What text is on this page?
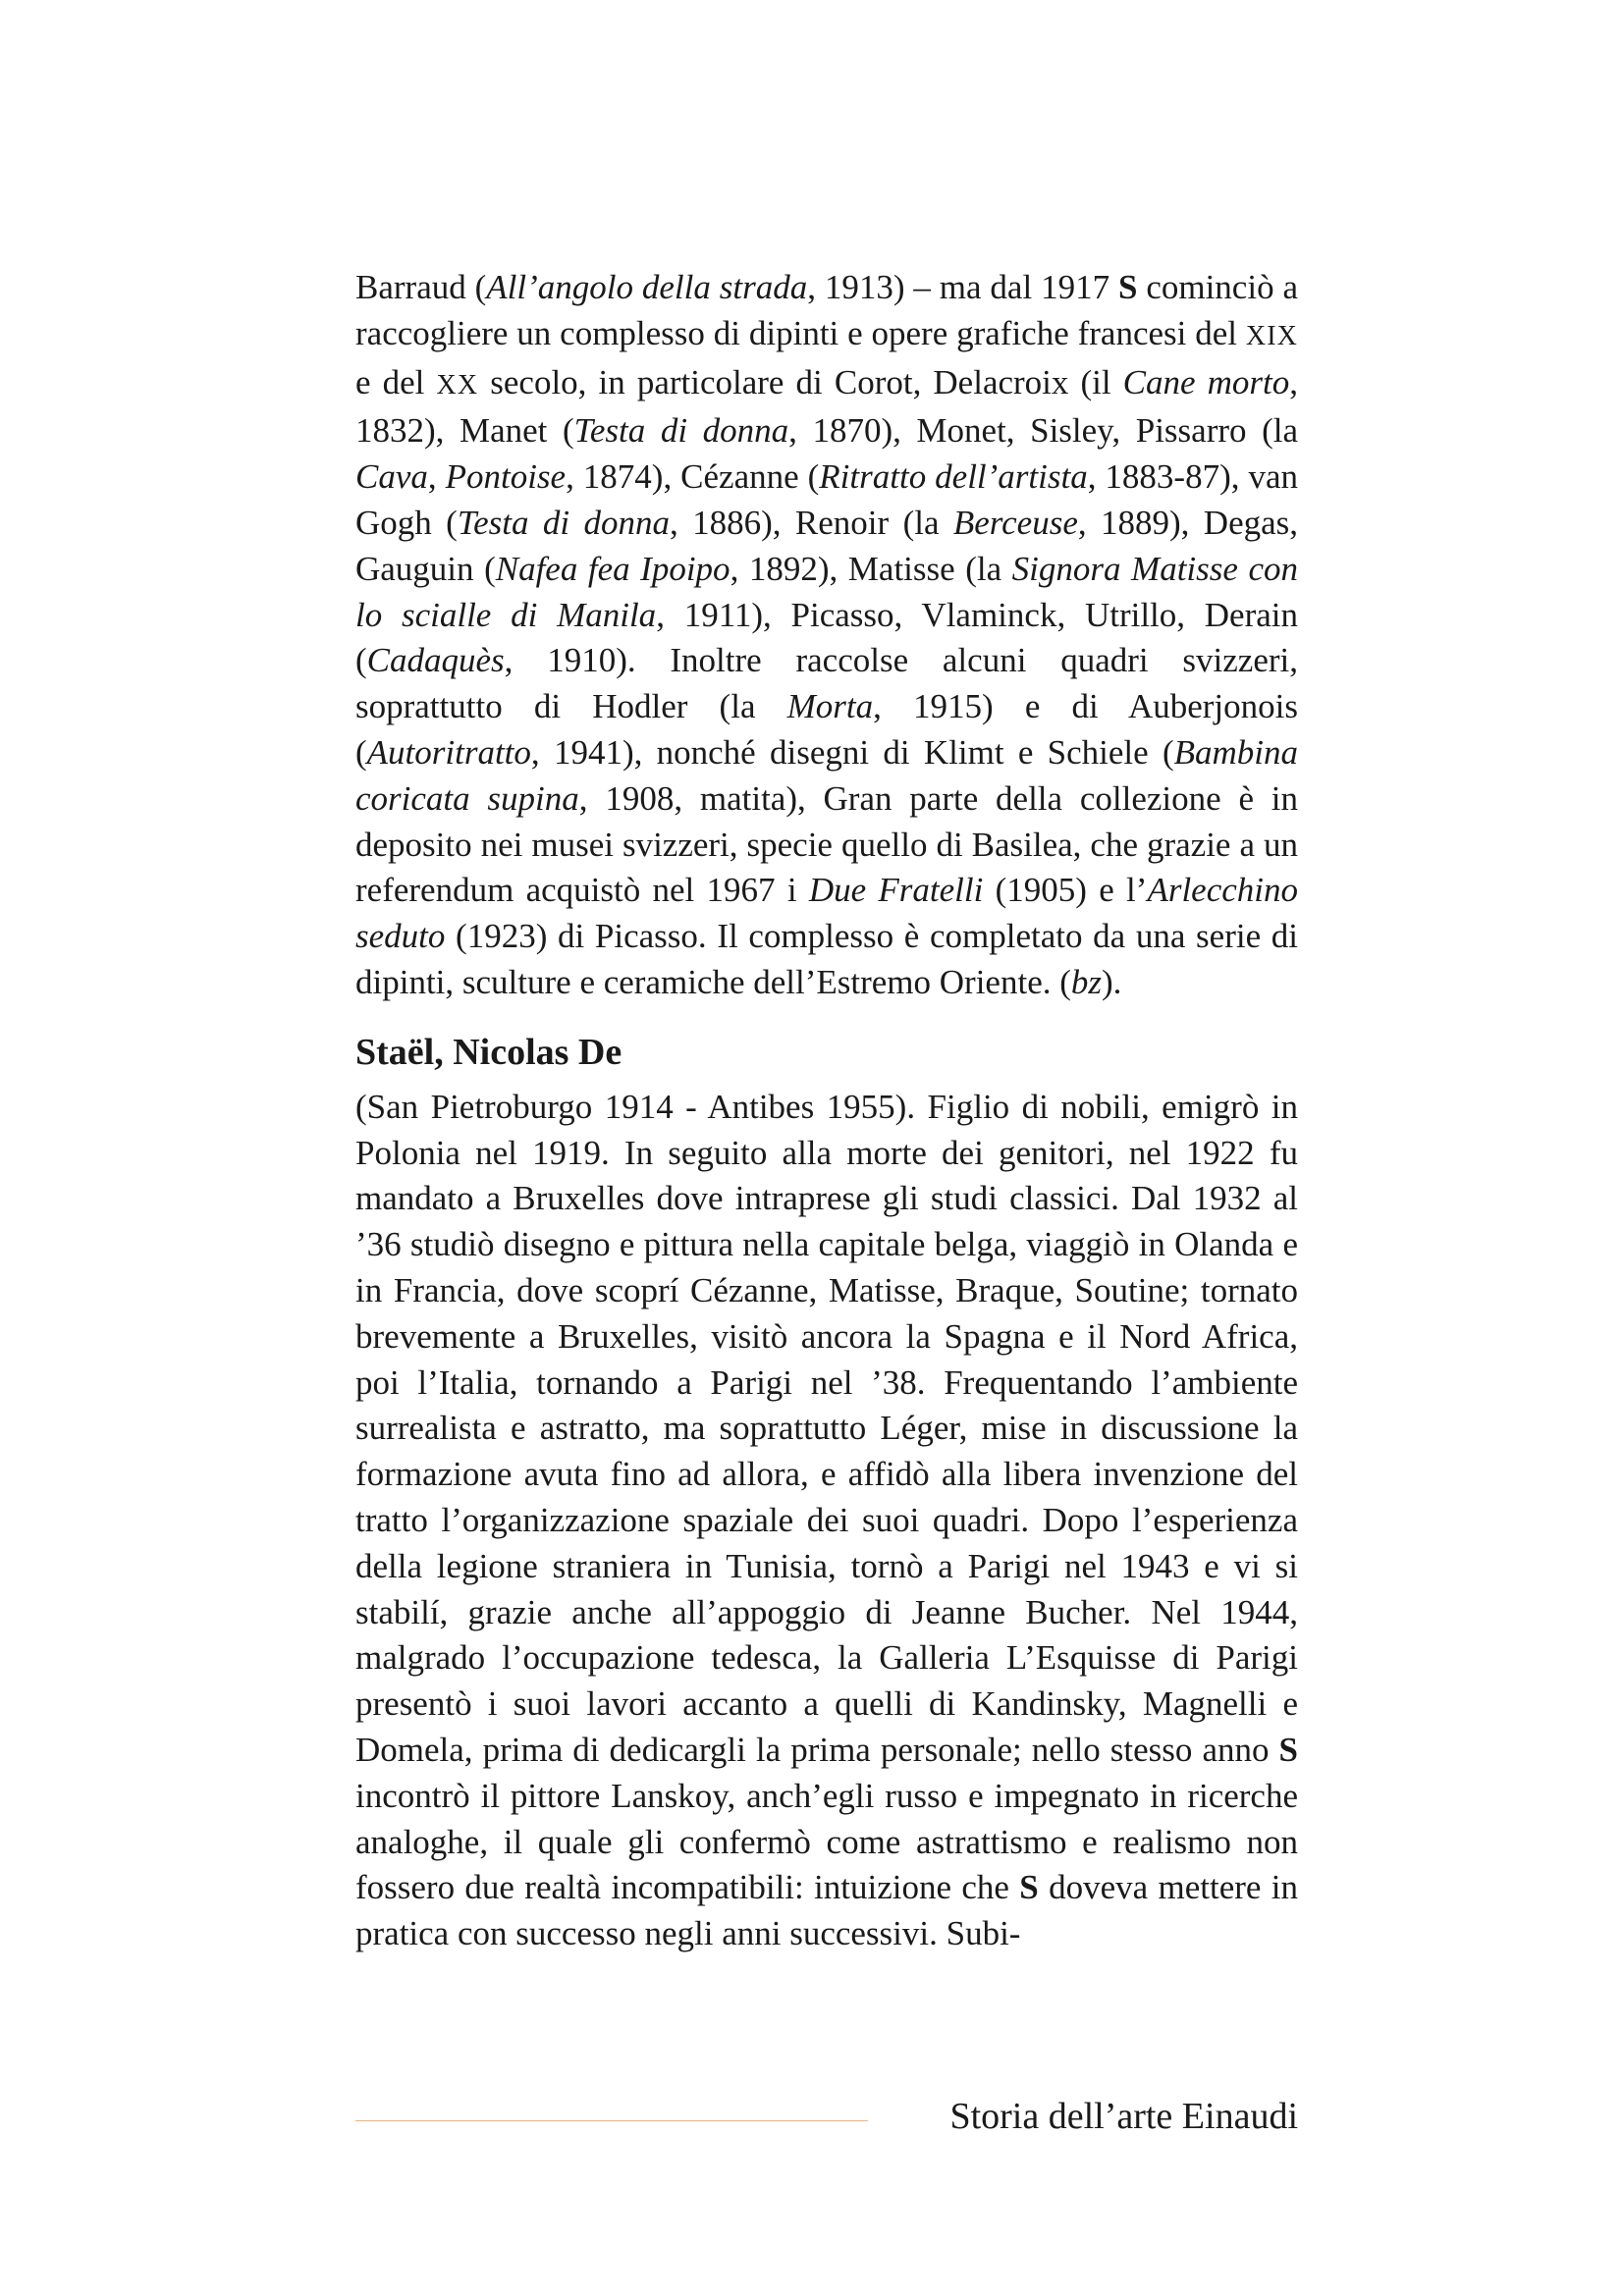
Barraud (All’angolo della strada, 1913) – ma dal 1917 S cominciò a raccogliere un complesso di dipinti e opere grafiche francesi del XIX e del XX secolo, in particolare di Corot, Delacroix (il Cane morto, 1832), Manet (Testa di donna, 1870), Monet, Sisley, Pissarro (la Cava, Pontoise, 1874), Cézanne (Ritratto dell’artista, 1883-87), van Gogh (Testa di donna, 1886), Renoir (la Berceuse, 1889), Degas, Gauguin (Nafea fea Ipoipo, 1892), Matisse (la Signora Matisse con lo scialle di Manila, 1911), Picasso, Vlaminck, Utrillo, Derain (Cadaquès, 1910). Inoltre raccolse alcuni quadri svizzeri, soprattutto di Hodler (la Morta, 1915) e di Auberjonois (Autoritratto, 1941), nonché disegni di Klimt e Schiele (Bambina coricata supina, 1908, matita), Gran parte della collezione è in deposito nei musei svizzeri, specie quello di Basilea, che grazie a un referendum acquistò nel 1967 i Due Fratelli (1905) e l’Arlecchino seduto (1923) di Picasso. Il complesso è completato da una serie di dipinti, sculture e ceramiche dell’Estremo Oriente. (bz).

Staël, Nicolas De

(San Pietroburgo 1914 - Antibes 1955). Figlio di nobili, emigrò in Polonia nel 1919. In seguito alla morte dei genitori, nel 1922 fu mandato a Bruxelles dove intraprese gli studi classici. Dal 1932 al ’36 studiò disegno e pittura nella capitale belga, viaggiò in Olanda e in Francia, dove scoprí Cézanne, Matisse, Braque, Soutine; tornato brevemente a Bruxelles, visitò ancora la Spagna e il Nord Africa, poi l’Italia, tornando a Parigi nel ’38. Frequentando l’ambiente surrealista e astratto, ma soprattutto Léger, mise in discussione la formazione avuta fino ad allora, e affidò alla libera invenzione del tratto l’organizzazione spaziale dei suoi quadri. Dopo l’esperienza della legione straniera in Tunisia, tornò a Parigi nel 1943 e vi si stabilí, grazie anche all’appoggio di Jeanne Bucher. Nel 1944, malgrado l’occupazione tedesca, la Galleria L’Esquisse di Parigi presentò i suoi lavori accanto a quelli di Kandinsky, Magnelli e Domela, prima di dedicargli la prima personale; nello stesso anno S incontrò il pittore Lanskoy, anch’egli russo e impegnato in ricerche analoghe, il quale gli confermò come astrattismo e realismo non fossero due realtà incompatibili: intuizione che S doveva mettere in pratica con successo negli anni successivi. Subi-

Storia dell’arte Einaudi
